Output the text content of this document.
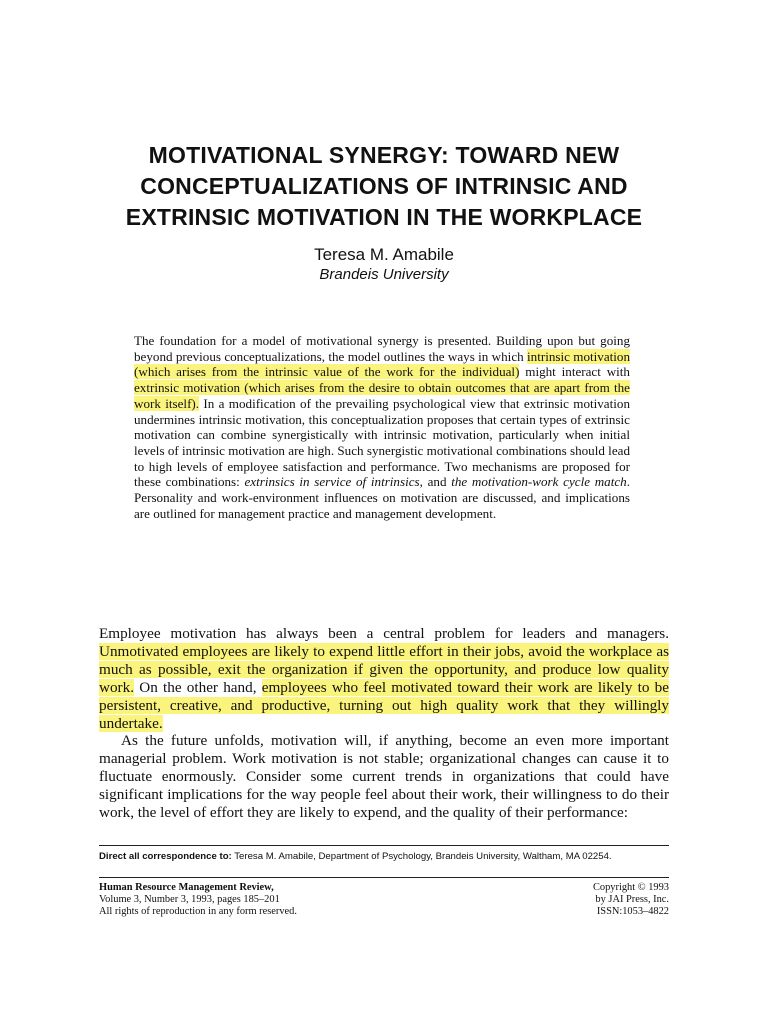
MOTIVATIONAL SYNERGY: TOWARD NEW
CONCEPTUALIZATIONS OF INTRINSIC AND
EXTRINSIC MOTIVATION IN THE WORKPLACE
Teresa M. Amabile
Brandeis University
The foundation for a model of motivational synergy is presented. Building upon but going beyond previous conceptualizations, the model outlines the ways in which intrinsic motivation (which arises from the intrinsic value of the work for the individual) might interact with extrinsic motivation (which arises from the desire to obtain outcomes that are apart from the work itself). In a modification of the prevailing psychological view that extrinsic motivation undermines intrinsic motivation, this conceptualization proposes that certain types of extrinsic motivation can combine synergistically with intrinsic motivation, particularly when initial levels of intrinsic motivation are high. Such synergistic motivational combinations should lead to high levels of employee satisfaction and performance. Two mechanisms are proposed for these combinations: extrinsics in service of intrinsics, and the motivation-work cycle match. Personality and work-environment influences on motivation are discussed, and implications are outlined for management practice and management development.

Employee motivation has always been a central problem for leaders and managers. Unmotivated employees are likely to expend little effort in their jobs, avoid the workplace as much as possible, exit the organization if given the opportunity, and produce low quality work. On the other hand, employees who feel motivated toward their work are likely to be persistent, creative, and productive, turning out high quality work that they willingly undertake.

As the future unfolds, motivation will, if anything, become an even more important managerial problem. Work motivation is not stable; organizational changes can cause it to fluctuate enormously. Consider some current trends in organizations that could have significant implications for the way people feel about their work, their willingness to do their work, the level of effort they are likely to expend, and the quality of their performance:

Direct all correspondence to: Teresa M. Amabile, Department of Psychology, Brandeis University, Waltham, MA 02254.
Human Resource Management Review,
Volume 3, Number 3, 1993, pages 185–201
All rights of reproduction in any form reserved.
Copyright © 1993
by JAI Press, Inc.
ISSN:1053–4822
